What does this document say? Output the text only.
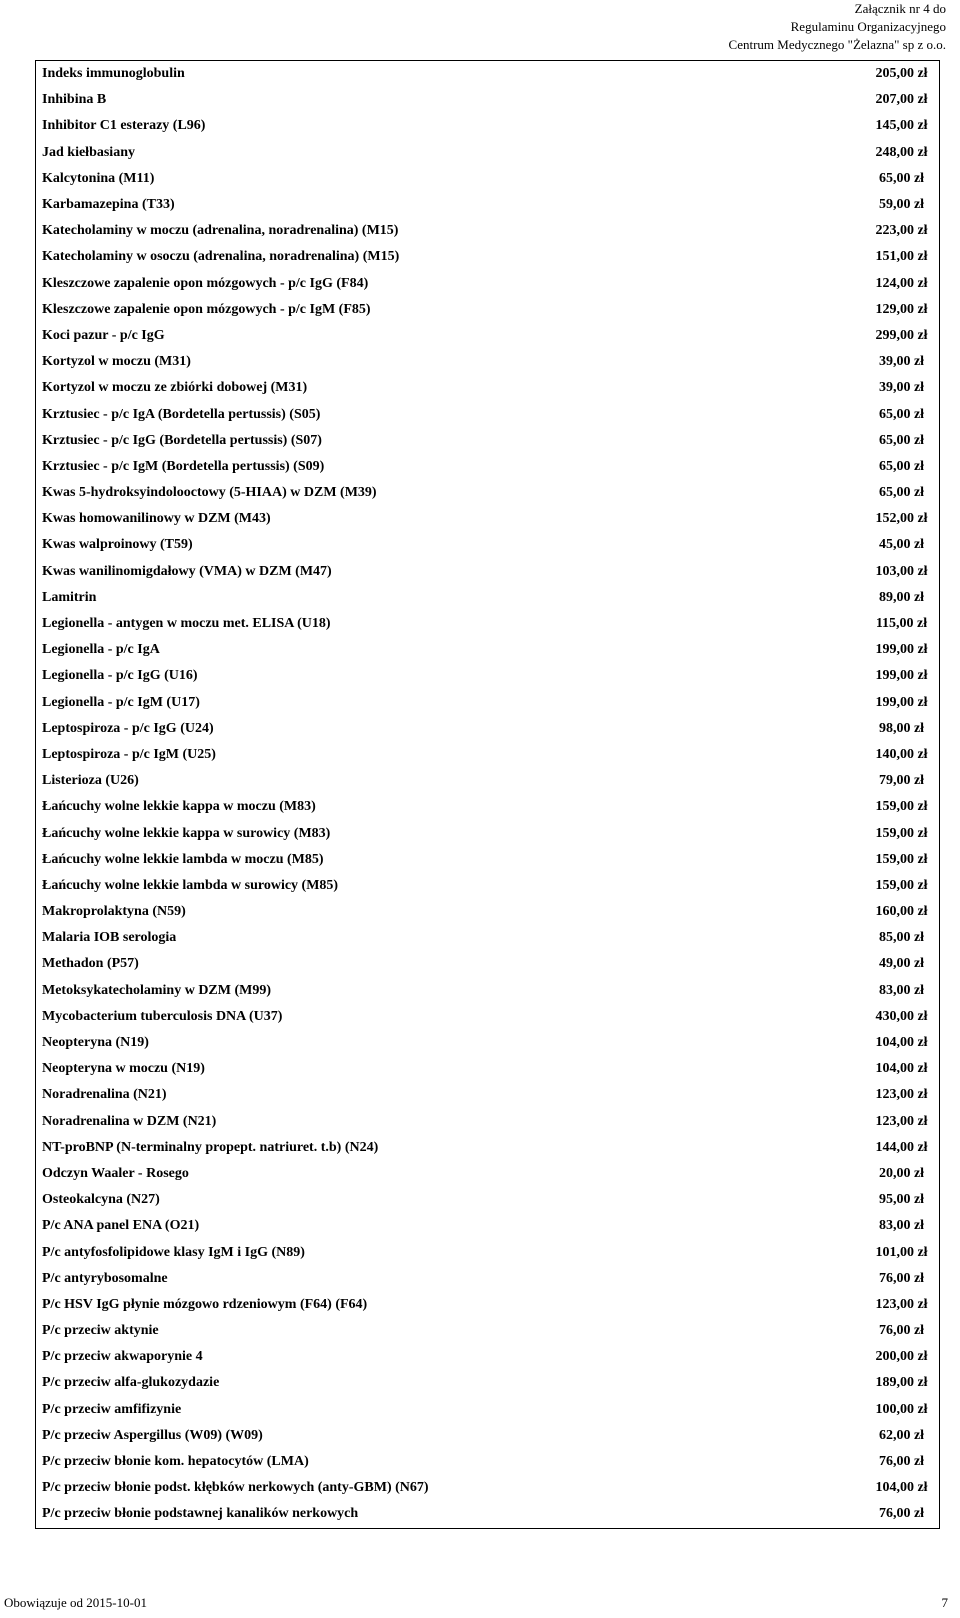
Załącznik nr 4 do
Regulaminu Organizacyjnego
Centrum Medycznego "Żelazna" sp z o.o.
Indeks immunoglobulin	205,00 zł
Inhibina B	207,00 zł
Inhibitor C1 esterazy (L96)	145,00 zł
Jad kiełbasiany	248,00 zł
Kalcytonina (M11)	65,00 zł
Karbamazepina (T33)	59,00 zł
Katecholaminy w moczu (adrenalina, noradrenalina) (M15)	223,00 zł
Katecholaminy w osoczu (adrenalina, noradrenalina) (M15)	151,00 zł
Kleszczowe zapalenie opon mózgowych - p/c IgG (F84)	124,00 zł
Kleszczowe zapalenie opon mózgowych - p/c IgM (F85)	129,00 zł
Koci pazur - p/c IgG	299,00 zł
Kortyzol w moczu (M31)	39,00 zł
Kortyzol w moczu ze zbiórki dobowej (M31)	39,00 zł
Krztusiec - p/c IgA (Bordetella pertussis) (S05)	65,00 zł
Krztusiec - p/c IgG (Bordetella pertussis) (S07)	65,00 zł
Krztusiec - p/c IgM (Bordetella pertussis) (S09)	65,00 zł
Kwas 5-hydroksyindolooctowy (5-HIAA) w DZM (M39)	65,00 zł
Kwas homowanilinowy w DZM (M43)	152,00 zł
Kwas walproinowy (T59)	45,00 zł
Kwas wanilinomigdałowy (VMA) w DZM (M47)	103,00 zł
Lamitrin	89,00 zł
Legionella - antygen w moczu met. ELISA (U18)	115,00 zł
Legionella - p/c IgA	199,00 zł
Legionella - p/c IgG (U16)	199,00 zł
Legionella - p/c IgM (U17)	199,00 zł
Leptospiroza - p/c IgG (U24)	98,00 zł
Leptospiroza - p/c IgM (U25)	140,00 zł
Listerioza (U26)	79,00 zł
Łańcuchy wolne lekkie kappa w moczu (M83)	159,00 zł
Łańcuchy wolne lekkie kappa w surowicy (M83)	159,00 zł
Łańcuchy wolne lekkie lambda w moczu (M85)	159,00 zł
Łańcuchy wolne lekkie lambda w surowicy (M85)	159,00 zł
Makroprolaktyna (N59)	160,00 zł
Malaria IOB serologia	85,00 zł
Methadon (P57)	49,00 zł
Metoksykatecholaminy w DZM (M99)	83,00 zł
Mycobacterium tuberculosis DNA (U37)	430,00 zł
Neopteryna (N19)	104,00 zł
Neopteryna w moczu (N19)	104,00 zł
Noradrenalina (N21)	123,00 zł
Noradrenalina w DZM (N21)	123,00 zł
NT-proBNP (N-terminalny propept. natriuret. t.b) (N24)	144,00 zł
Odczyn Waaler - Rosego	20,00 zł
Osteokalcyna (N27)	95,00 zł
P/c ANA panel ENA (O21)	83,00 zł
P/c antyfosfolipidowe klasy IgM i IgG (N89)	101,00 zł
P/c antyrybosomalne	76,00 zł
P/c HSV IgG płynie mózgowo rdzeniowym (F64) (F64)	123,00 zł
P/c przeciw aktynie	76,00 zł
P/c przeciw akwaporynie 4	200,00 zł
P/c przeciw alfa-glukozydazie	189,00 zł
P/c przeciw amfifizynie	100,00 zł
P/c przeciw Aspergillus (W09) (W09)	62,00 zł
P/c przeciw błonie kom. hepatocytów (LMA)	76,00 zł
P/c przeciw błonie podst. kłębków nerkowych (anty-GBM) (N67)	104,00 zł
P/c przeciw błonie podstawnej kanalików nerkowych	76,00 zł
Obowiązuje od 2015-10-01	7
